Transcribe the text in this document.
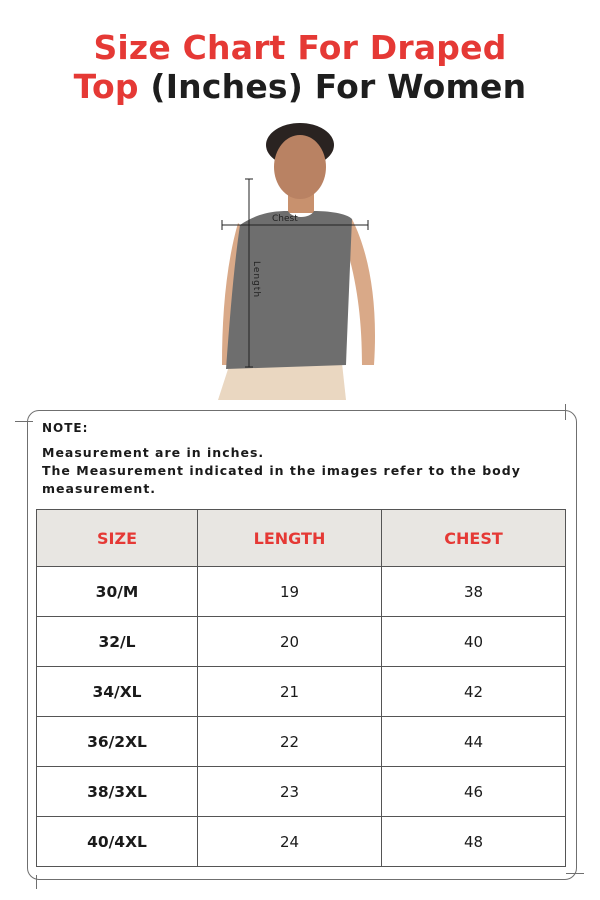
Size Chart For Draped
Top (Inches) For Women
Chest
Length
NOTE:
Measurement are in inches.
The Measurement indicated in the images refer to the body measurement.
SIZE	LENGTH	CHEST
30/M	19	38
32/L	20	40
34/XL	21	42
36/2XL	22	44
38/3XL	23	46
40/4XL	24	48
